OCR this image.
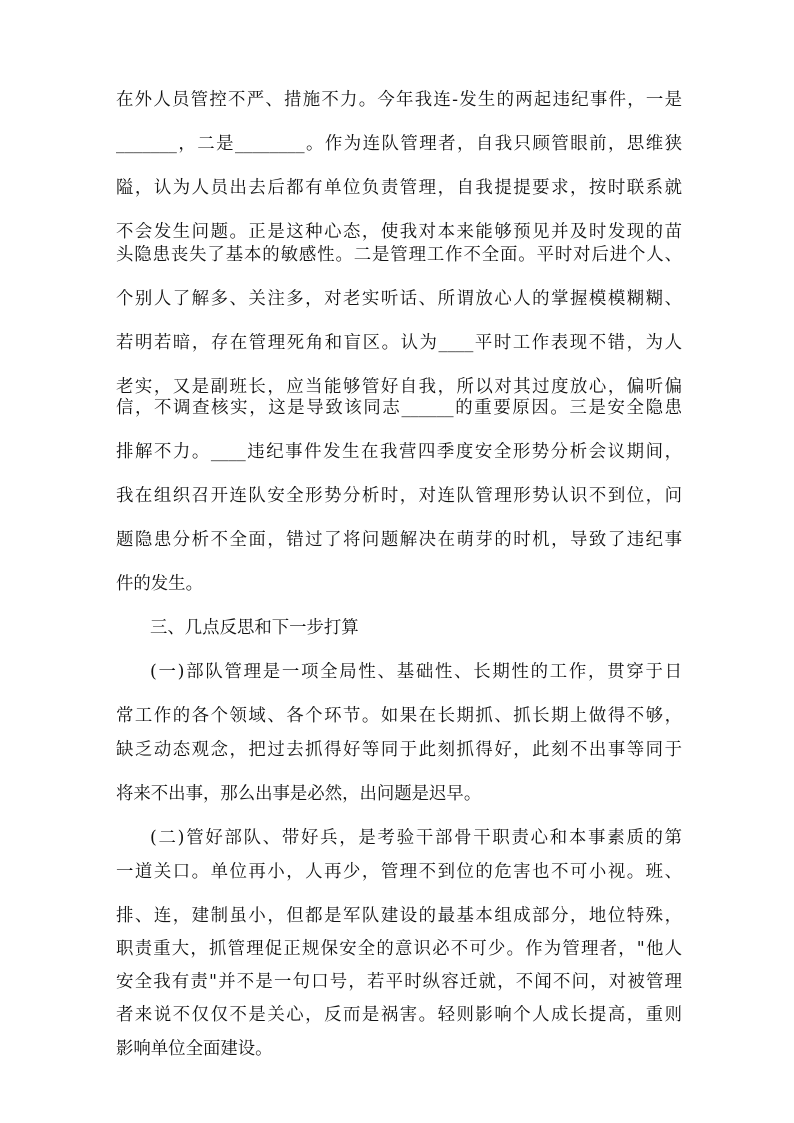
在外人员管控不严、措施不力。今年我连-发生的两起违纪事件，一是
_______，二是________。作为连队管理者，自我只顾管眼前，思维狭
隘，认为人员出去后都有单位负责管理，自我提提要求，按时联系就
不会发生问题。正是这种心态，使我对本来能够预见并及时发现的苗
头隐患丧失了基本的敏感性。二是管理工作不全面。平时对后进个人、
个别人了解多、关注多，对老实听话、所谓放心人的掌握模模糊糊、
若明若暗，存在管理死角和盲区。认为____平时工作表现不错，为人
老实，又是副班长，应当能够管好自我，所以对其过度放心，偏听偏
信，不调查核实，这是导致该同志______的重要原因。三是安全隐患
排解不力。____违纪事件发生在我营四季度安全形势分析会议期间，
我在组织召开连队安全形势分析时，对连队管理形势认识不到位，问
题隐患分析不全面，错过了将问题解决在萌芽的时机，导致了违纪事
件的发生。
三、几点反思和下一步打算
(一)部队管理是一项全局性、基础性、长期性的工作，贯穿于日
常工作的各个领域、各个环节。如果在长期抓、抓长期上做得不够，
缺乏动态观念，把过去抓得好等同于此刻抓得好，此刻不出事等同于
将来不出事，那么出事是必然，出问题是迟早。
(二)管好部队、带好兵，是考验干部骨干职责心和本事素质的第
一道关口。单位再小，人再少，管理不到位的危害也不可小视。班、
排、连，建制虽小，但都是军队建设的最基本组成部分，地位特殊，
职责重大，抓管理促正规保安全的意识必不可少。作为管理者，"他人
安全我有责"并不是一句口号，若平时纵容迁就，不闻不问，对被管理
者来说不仅仅不是关心，反而是祸害。轻则影响个人成长提高，重则
影响单位全面建设。
